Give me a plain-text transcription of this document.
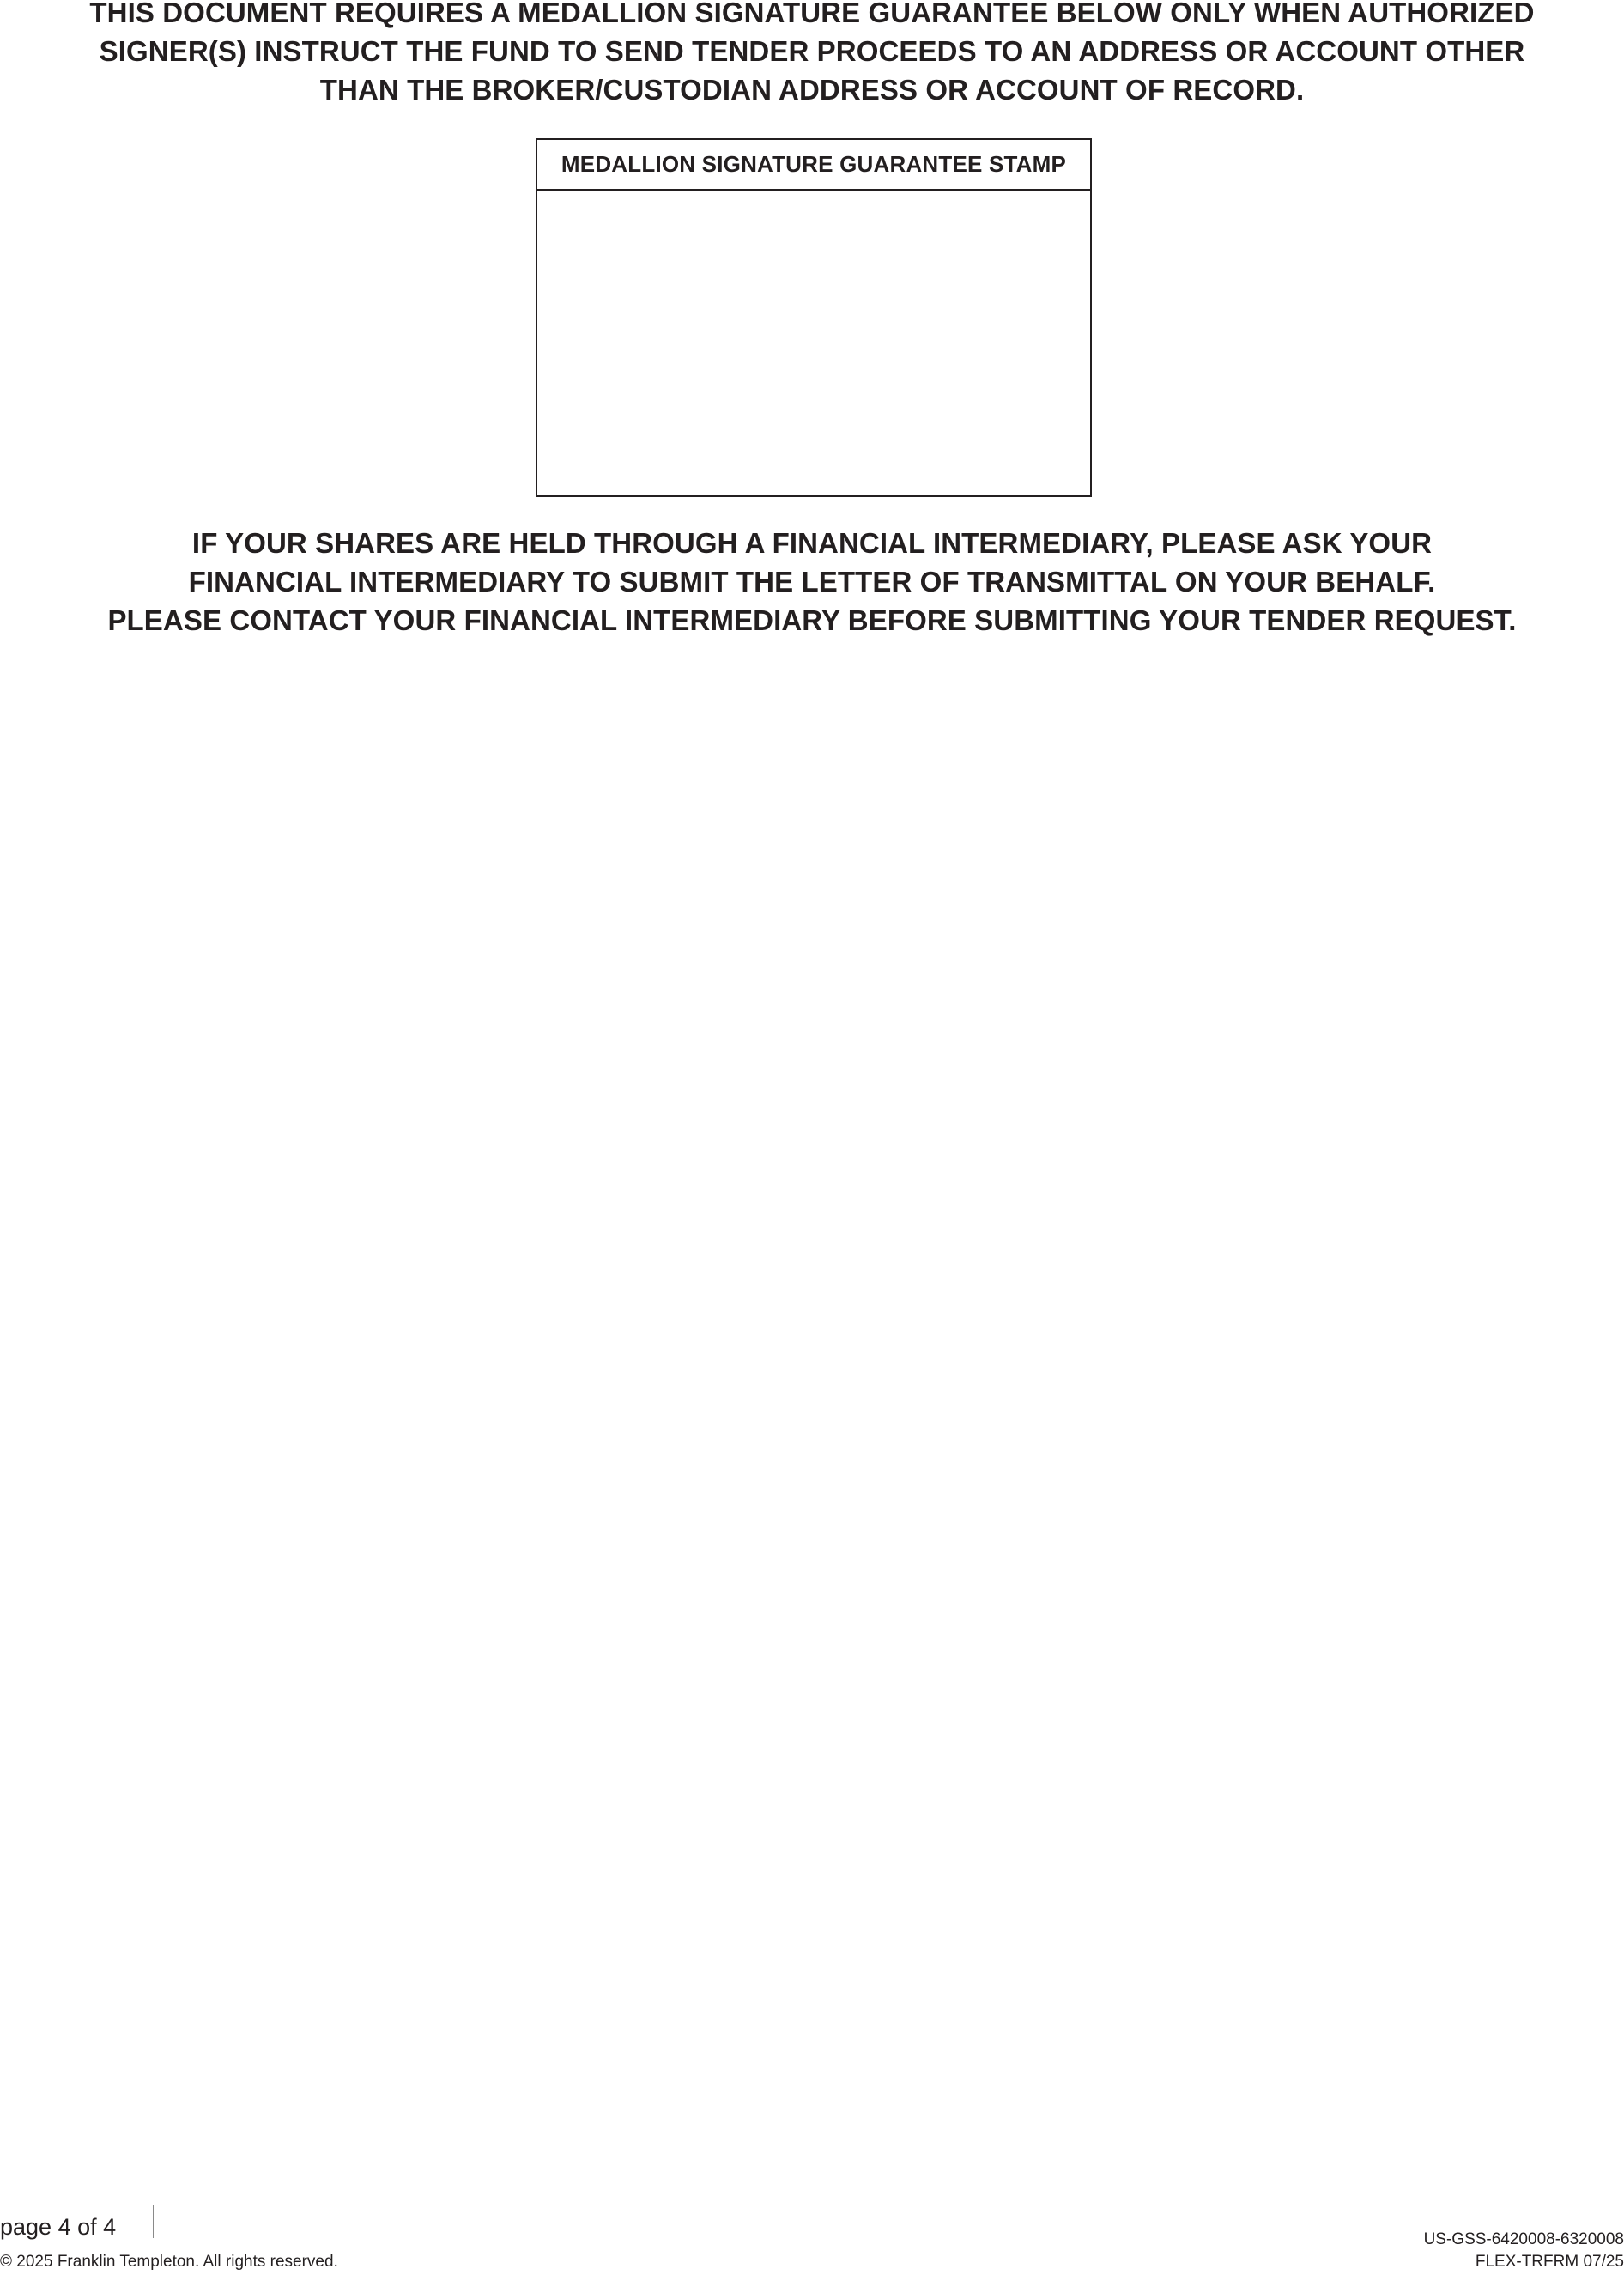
THIS DOCUMENT REQUIRES A MEDALLION SIGNATURE GUARANTEE BELOW ONLY WHEN AUTHORIZED
SIGNER(S) INSTRUCT THE FUND TO SEND TENDER PROCEEDS TO AN ADDRESS OR ACCOUNT OTHER
THAN THE BROKER/CUSTODIAN ADDRESS OR ACCOUNT OF RECORD.
MEDALLION SIGNATURE GUARANTEE STAMP
IF YOUR SHARES ARE HELD THROUGH A FINANCIAL INTERMEDIARY, PLEASE ASK YOUR
FINANCIAL INTERMEDIARY TO SUBMIT THE LETTER OF TRANSMITTAL ON YOUR BEHALF.
PLEASE CONTACT YOUR FINANCIAL INTERMEDIARY BEFORE SUBMITTING YOUR TENDER REQUEST.
page 4 of 4
© 2025 Franklin Templeton. All rights reserved.
US-GSS-6420008-6320008
FLEX-TRFRM 07/25
